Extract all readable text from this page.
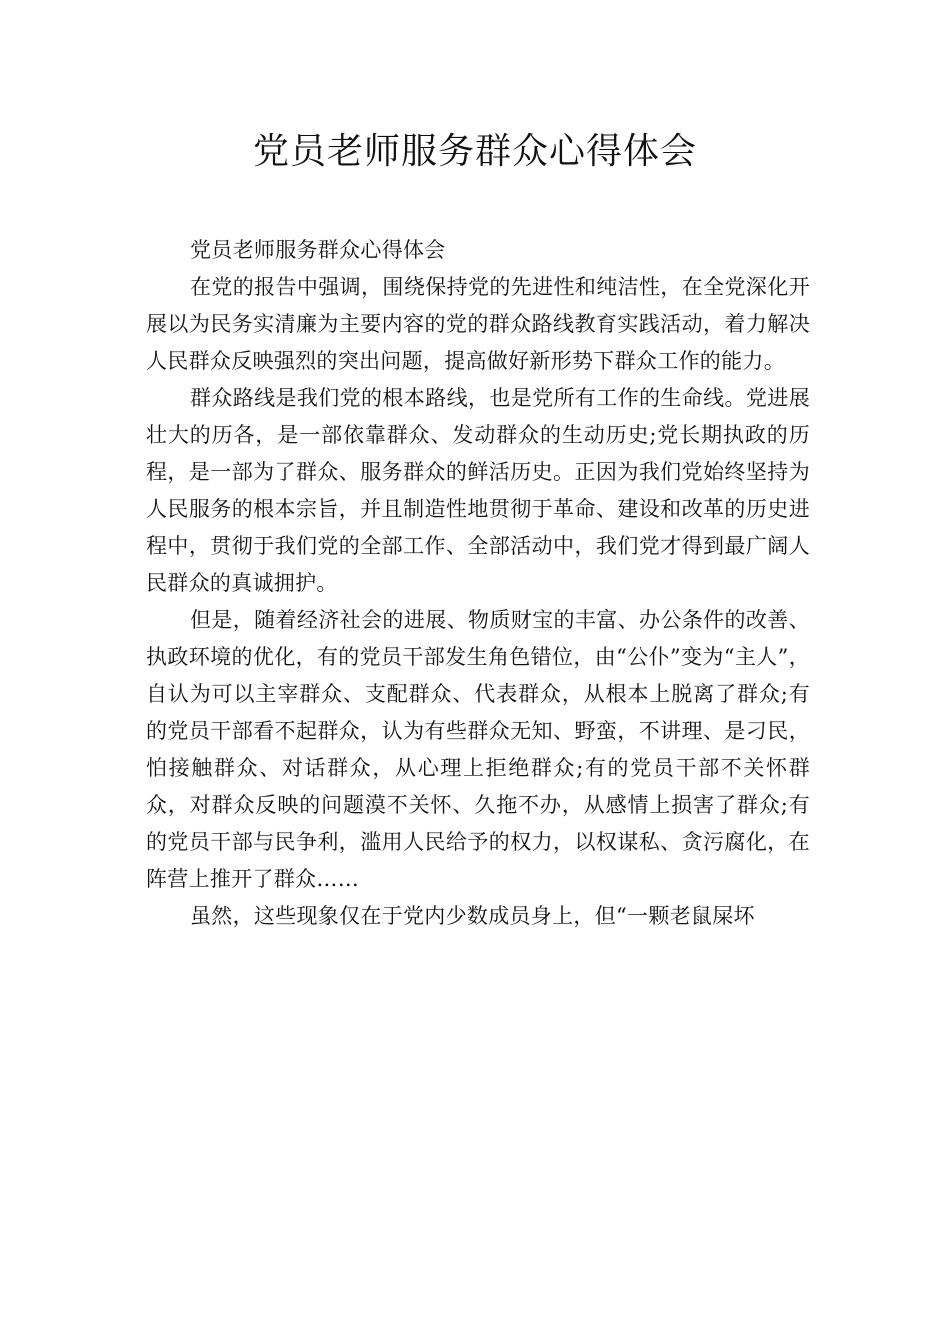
党员老师服务群众心得体会

党员老师服务群众心得体会

在党的报告中强调，围绕保持党的先进性和纯洁性，在全党深化开展以为民务实清廉为主要内容的党的群众路线教育实践活动，着力解决人民群众反映强烈的突出问题，提高做好新形势下群众工作的能力。

群众路线是我们党的根本路线，也是党所有工作的生命线。党进展壮大的历各，是一部依靠群众、发动群众的生动历史;党长期执政的历程，是一部为了群众、服务群众的鲜活历史。正因为我们党始终坚持为人民服务的根本宗旨，并且制造性地贯彻于革命、建设和改革的历史进程中，贯彻于我们党的全部工作、全部活动中，我们党才得到最广阔人民群众的真诚拥护。

但是，随着经济社会的进展、物质财宝的丰富、办公条件的改善、执政环境的优化，有的党员干部发生角色错位，由“公仆”变为“主人”，自认为可以主宰群众、支配群众、代表群众，从根本上脱离了群众;有的党员干部看不起群众，认为有些群众无知、野蛮，不讲理、是刁民，怕接触群众、对话群众，从心理上拒绝群众;有的党员干部不关怀群众，对群众反映的问题漠不关怀、久拖不办，从感情上损害了群众;有的党员干部与民争利，滥用人民给予的权力，以权谋私、贪污腐化，在阵营上推开了群众……

虽然，这些现象仅在于党内少数成员身上，但“一颗老鼠屎坏
